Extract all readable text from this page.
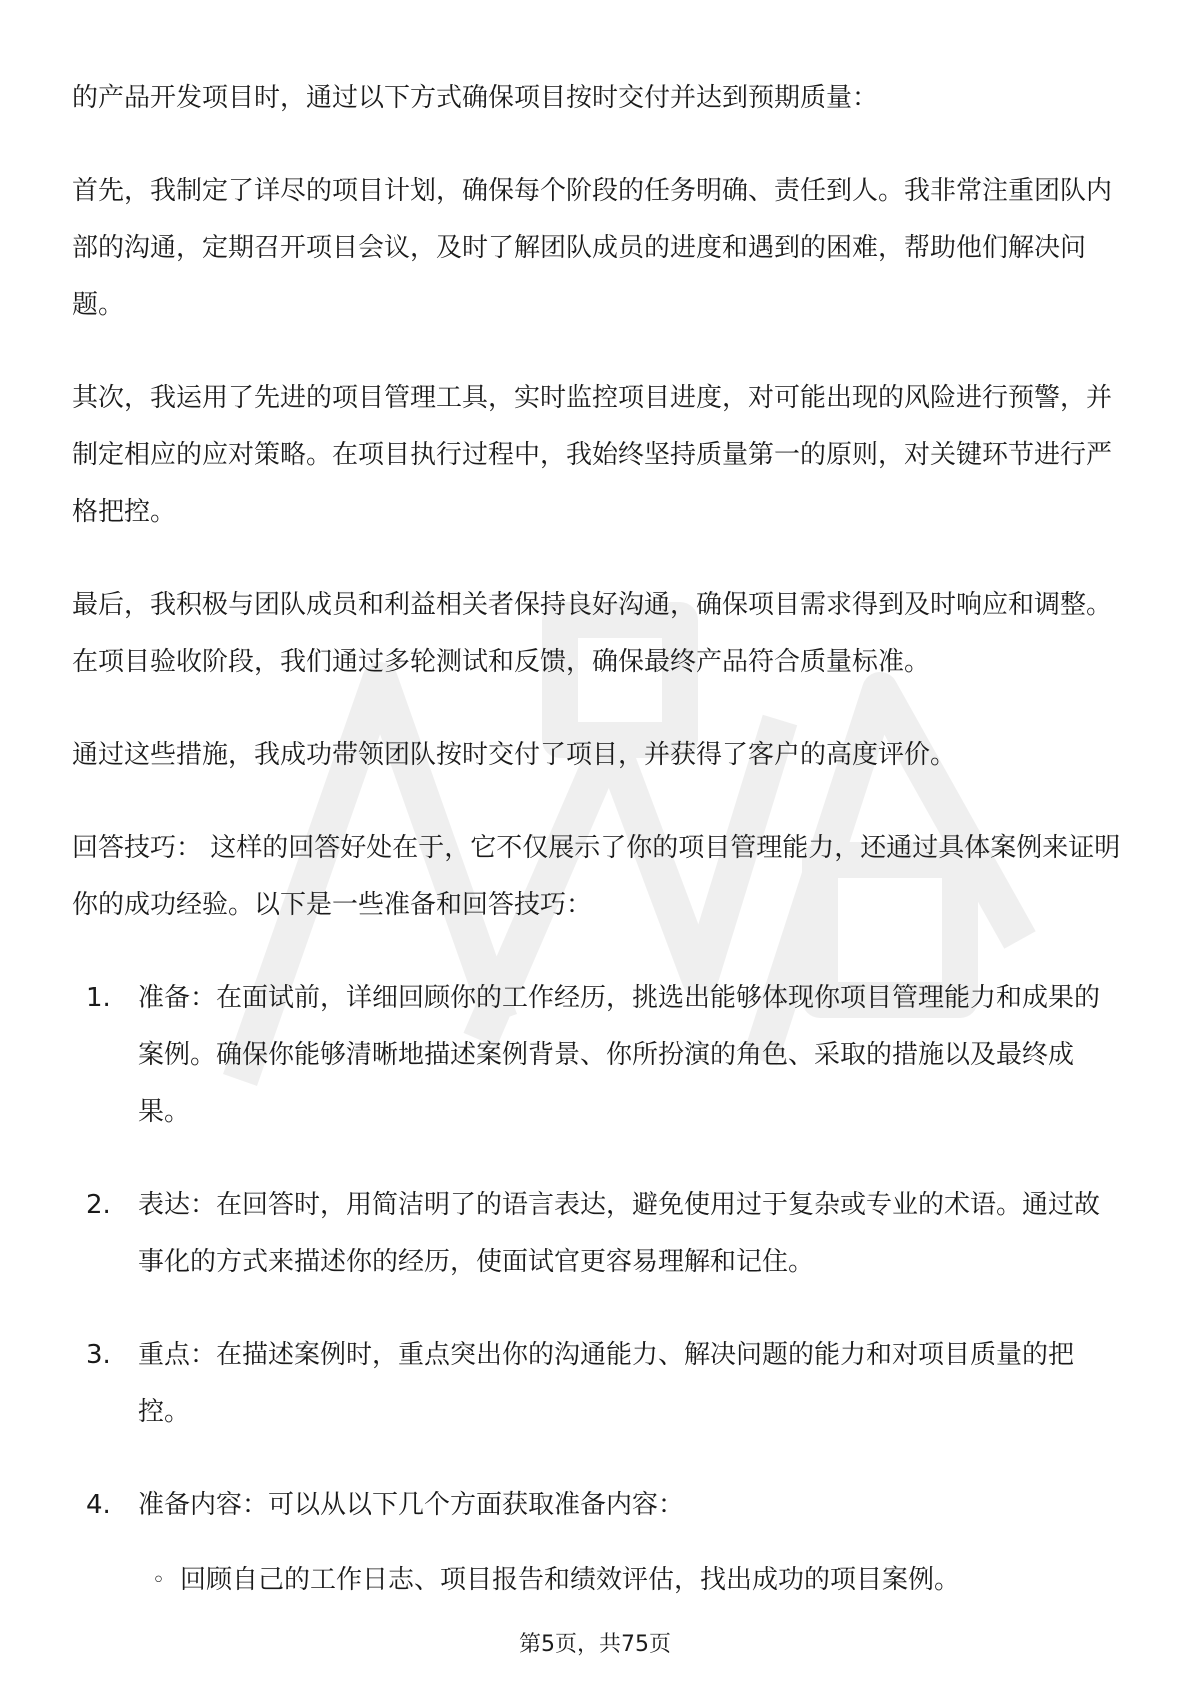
的产品开发项目时，通过以下方式确保项目按时交付并达到预期质量：

首先，我制定了详尽的项目计划，确保每个阶段的任务明确、责任到人。我非常注重团队内部的沟通，定期召开项目会议，及时了解团队成员的进度和遇到的困难，帮助他们解决问题。

其次，我运用了先进的项目管理工具，实时监控项目进度，对可能出现的风险进行预警，并制定相应的应对策略。在项目执行过程中，我始终坚持质量第一的原则，对关键环节进行严格把控。

最后，我积极与团队成员和利益相关者保持良好沟通，确保项目需求得到及时响应和调整。在项目验收阶段，我们通过多轮测试和反馈，确保最终产品符合质量标准。

通过这些措施，我成功带领团队按时交付了项目，并获得了客户的高度评价。

回答技巧： 这样的回答好处在于，它不仅展示了你的项目管理能力，还通过具体案例来证明你的成功经验。以下是一些准备和回答技巧：

1. 准备：在面试前，详细回顾你的工作经历，挑选出能够体现你项目管理能力和成果的案例。确保你能够清晰地描述案例背景、你所扮演的角色、采取的措施以及最终成果。
2. 表达：在回答时，用简洁明了的语言表达，避免使用过于复杂或专业的术语。通过故事化的方式来描述你的经历，使面试官更容易理解和记住。
3. 重点：在描述案例时，重点突出你的沟通能力、解决问题的能力和对项目质量的把控。
4. 准备内容：可以从以下几个方面获取准备内容：
◦ 回顾自己的工作日志、项目报告和绩效评估，找出成功的项目案例。
第5页，共75页
